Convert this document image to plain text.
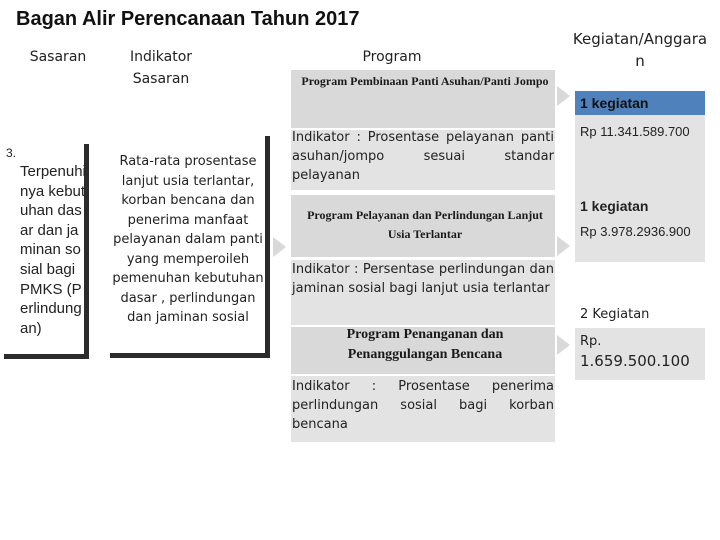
Bagan Alir Perencanaan Tahun 2017
Sasaran	Indikator Sasaran
Program
Kegiatan/Anggaran
3.
Terpenuhinya kebutuhan dasar dan jaminan sosial bagi PMKS (Perlindungan)
Rata-rata prosentase lanjut usia terlantar, korban bencana dan penerima manfaat pelayanan dalam panti yang memperoileh pemenuhan kebutuhan dasar , perlindungan dan jaminan sosial
Program Pembinaan Panti Asuhan/Panti Jompo
Indikator : Prosentase pelayanan panti asuhan/jompo sesuai standar pelayanan
Program Pelayanan dan Perlindungan Lanjut Usia Terlantar
Indikator : Persentase perlindungan dan jaminan sosial bagi lanjut usia terlantar
Program Penanganan dan Penanggulangan Bencana
Indikator : Prosentase penerima perlindungan sosial bagi korban bencana
1 kegiatan
Rp 11.341.589.700
1 kegiatan
Rp 3.978.2936.900
2 Kegiatan
Rp.
1.659.500.100
